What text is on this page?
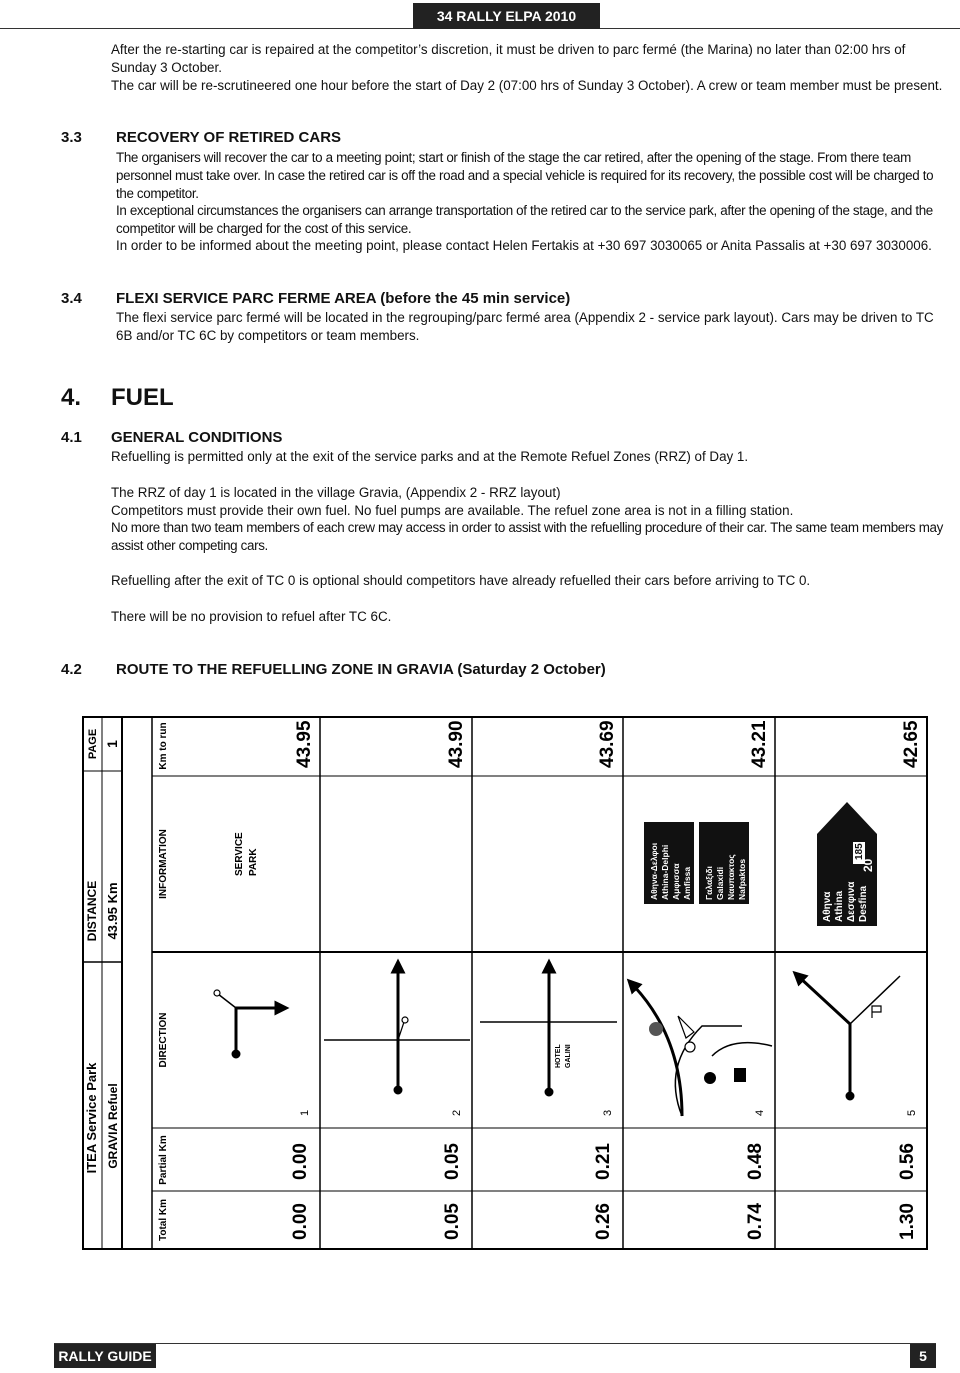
34 RALLY ELPA 2010

After the re-starting car is repaired at the competitor’s discretion, it must be driven to parc fermé (the Marina) no later than 02:00 hrs of Sunday 3 October.

The car will be re-scrutineered one hour before the start of Day 2 (07:00 hrs of Sunday 3 October). A crew or team member must be present.

3.3 RECOVERY OF RETIRED CARS

The organisers will recover the car to a meeting point; start or finish of the stage the car retired, after the opening of the stage. From there team personnel must take over. In case the retired car is off the road and a special vehicle is required for its recovery, the possible cost will be charged to the competitor.

In exceptional circumstances the organisers can arrange transportation of the retired car to the service park, after the opening of the stage, and the competitor will be charged for the cost of this service.

In order to be informed about the meeting point, please contact Helen Fertakis at +30 697 3030065 or Anita Passalis at +30 697 3030006.

3.4 FLEXI SERVICE PARC FERME AREA (before the 45 min service)

The flexi service parc fermé will be located in the regrouping/parc fermé area (Appendix 2 - service park layout). Cars may be driven to TC 6B and/or TC 6C by competitors or team members.

4. FUEL
4.1 GENERAL CONDITIONS

Refuelling is permitted only at the exit of the service parks and at the Remote Refuel Zones (RRZ) of Day 1.

The RRZ of day 1 is located in the village Gravia, (Appendix 2 - RRZ layout)

Competitors must provide their own fuel. No fuel pumps are available. The refuel zone area is not in a filling station.

No more than two team members of each crew may access in order to assist with the refuelling procedure of their car. The same team members may assist other competing cars.

Refuelling after the exit of TC 0 is optional should competitors have already refuelled their cars before arriving to TC 0.

There will be no provision to refuel after TC 6C.

4.2 ROUTE TO THE REFUELLING ZONE IN GRAVIA (Saturday 2 October)
PAGE 1
DISTANCE 43.95 Km
ITEA Service Park GRAVIA Refuel
Km to run
INFORMATION
DIRECTION
Partial Km
Total Km
43.95
1
0.00
0.00
43.90
2
0.05
0.05
43.69
3
0.21
0.26
43.21
4
0.48
0.74
42.65
5
0.56
1.30
SERVICE PARK	Αθηνα-Δελφοι Athina-Delphi Αμφισσα Amfissa Γαλαξιδι Galaxidi Ναυπακτος Nafpaktos
Αθηνα Athina Δεσφινα Desfina
185
20
HOTEL GALINI
RALLY GUIDE	5
